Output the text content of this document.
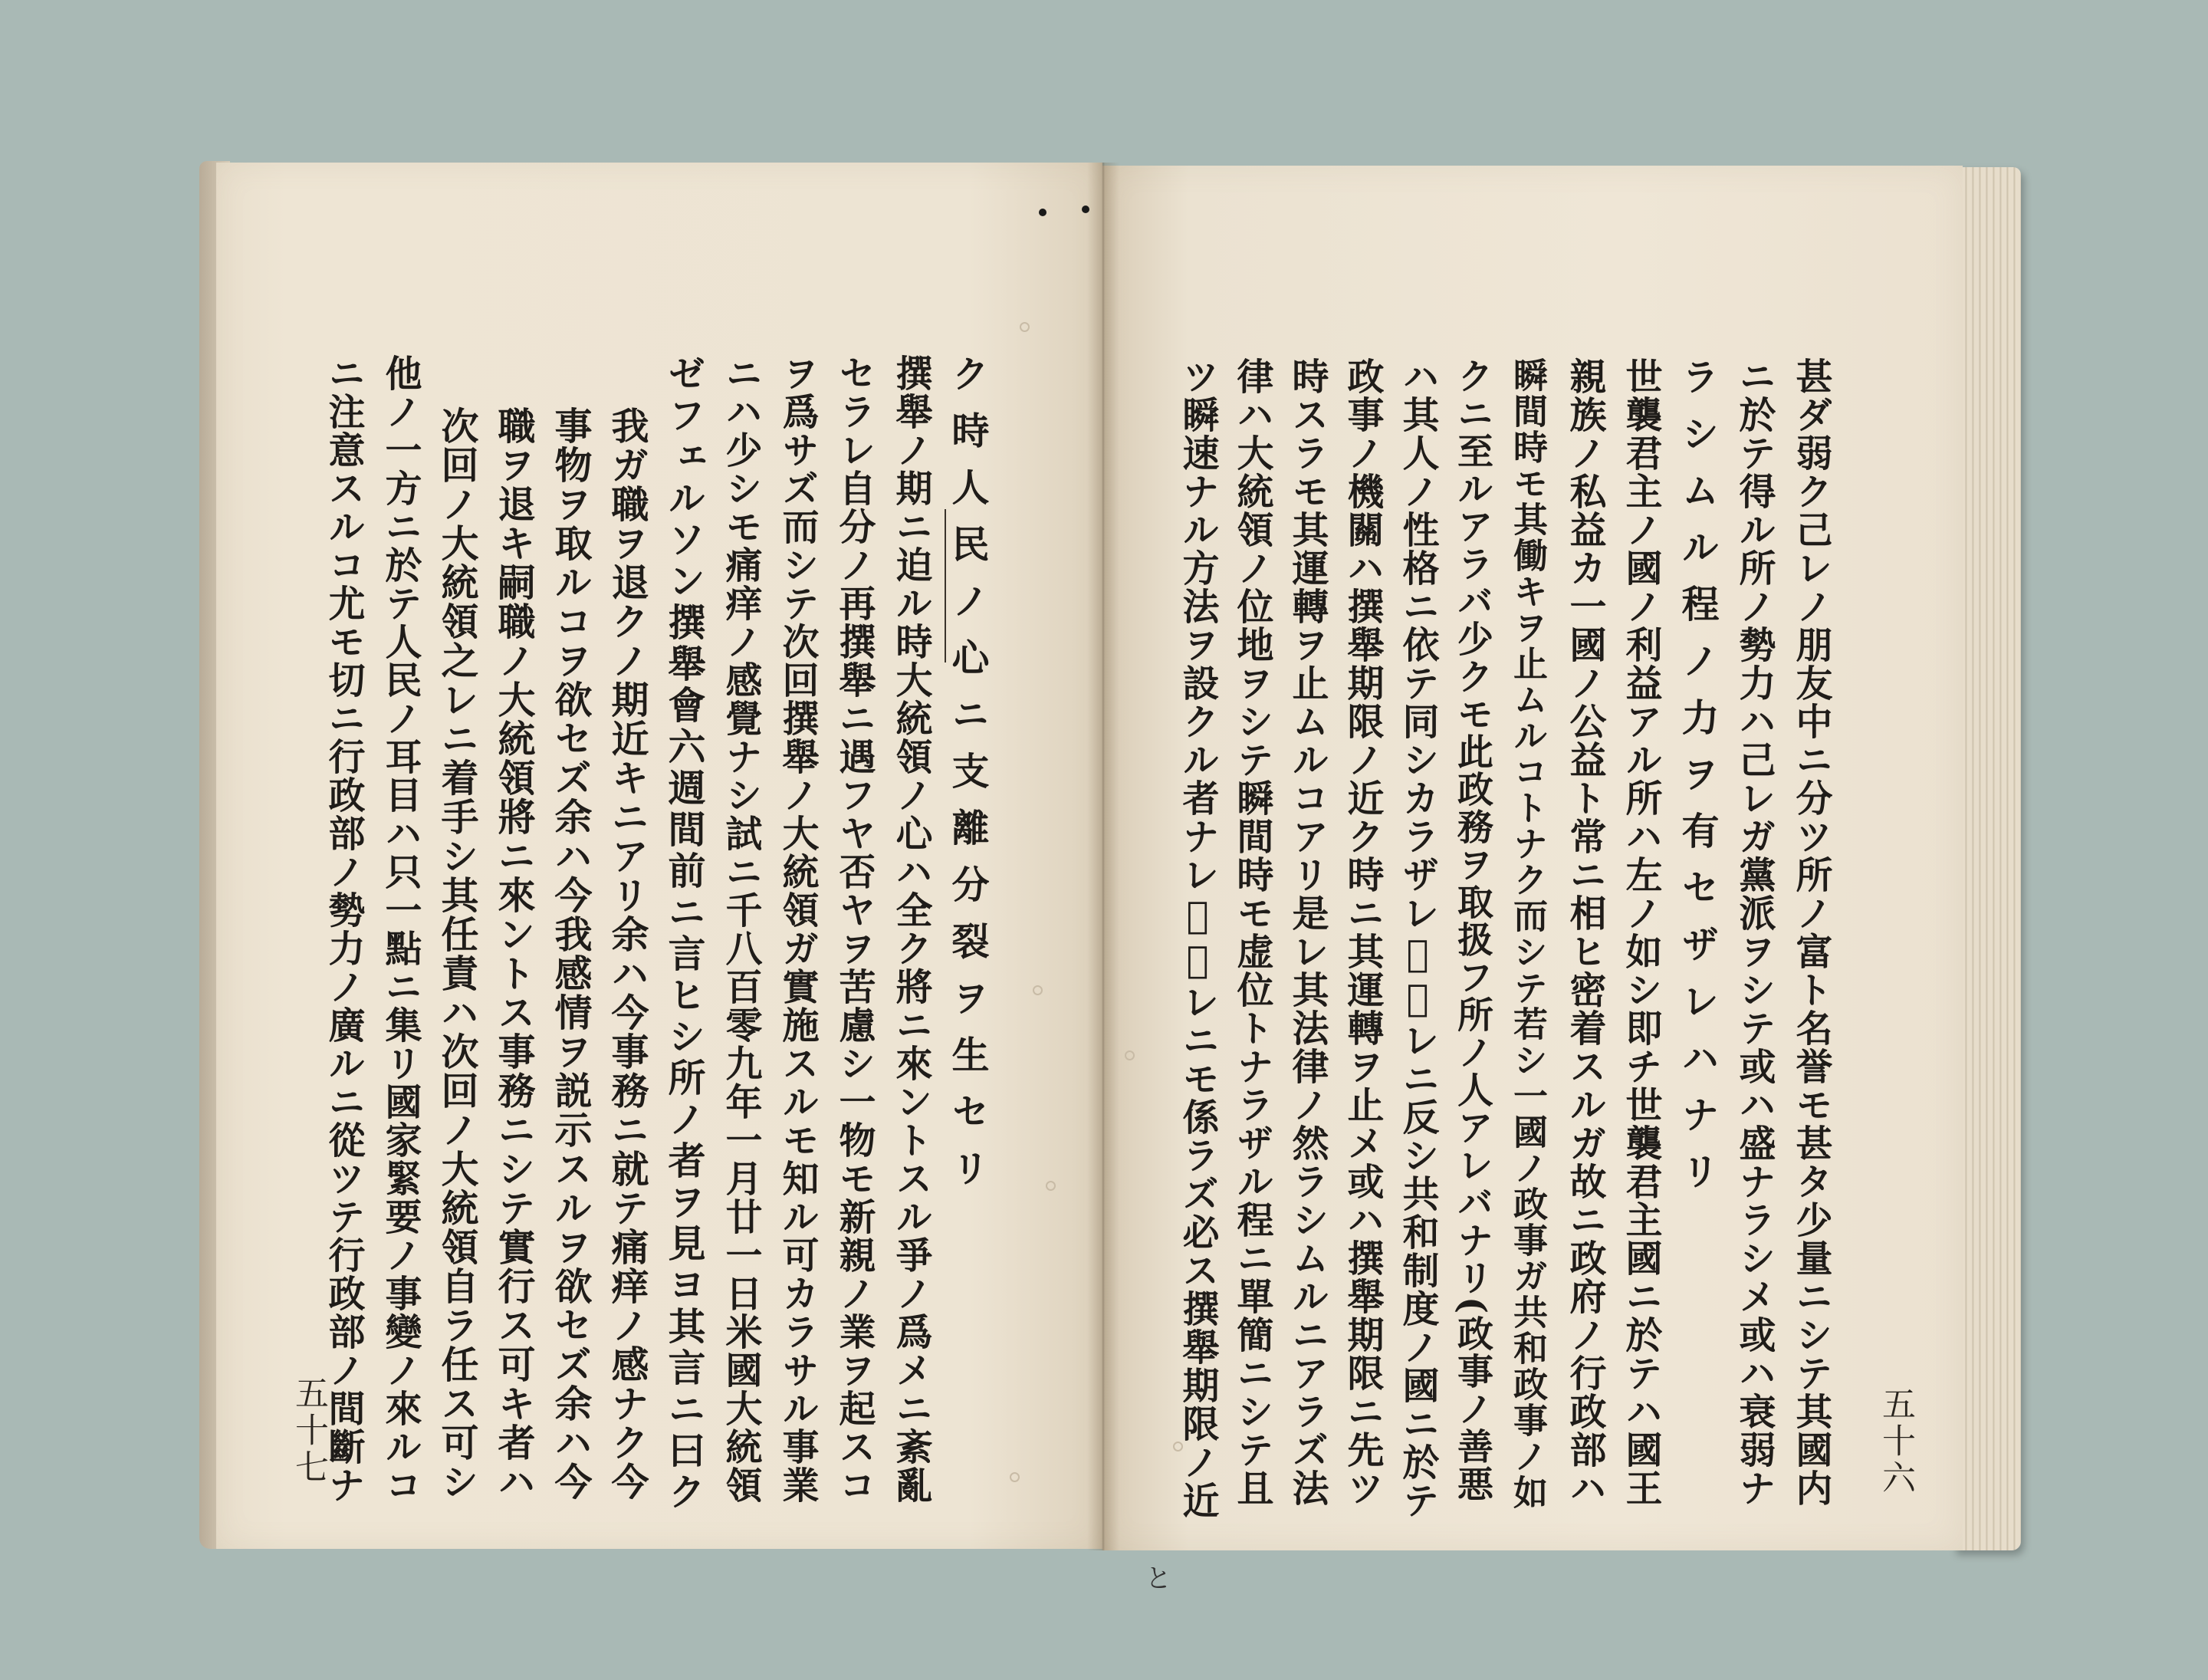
五十七
ク時人民ノ心ニ支離分裂ヲ生セリ
撰舉ノ期ニ迫ル時大統領ノ心ハ全ク將ニ來ントスル爭ノ爲メニ紊亂
セラレ自分ノ再撰舉ニ遇フヤ否ヤヲ苦慮シ一物モ新親ノ業ヲ起スコ
ヲ爲サズ而シテ次回撰舉ノ大統領ガ實施スルモ知ル可カラサル事業
ニハ少シモ痛痒ノ感覺ナシ試ニ千八百零九年一月廿一日米國大統領
ゼフェルソン撰舉會六週間前ニ言ヒシ所ノ者ヲ見ヨ其言ニ曰ク
我ガ職ヲ退クノ期近キニアリ余ハ今事務ニ就テ痛痒ノ感ナク今
事物ヲ取ルコヲ欲セズ余ハ今我感情ヲ説示スルヲ欲セズ余ハ今
職ヲ退キ嗣職ノ大統領將ニ來ントス事務ニシテ實行ス可キ者ハ
次回ノ大統領之レニ着手シ其任責ハ次回ノ大統領自ラ任ス可シ
他ノ一方ニ於テ人民ノ耳目ハ只一點ニ集リ國家緊要ノ事變ノ來ルコ
ニ注意スルコ尤モ切ニ行政部ノ勢力ノ廣ルニ從ツテ行政部ノ間斷ナ	五十六
と
甚ダ弱ク己レノ朋友中ニ分ツ所ノ富ト名誉モ甚タ少量ニシテ其國内
ニ於テ得ル所ノ勢力ハ己レガ黨派ヲシテ或ハ盛ナラシメ或ハ衰弱ナ
ラシムル程ノ力ヲ有セザレハナリ
世襲君主ノ國ノ利益アル所ハ左ノ如シ即チ世襲君主國ニ於テハ國王
親族ノ私益カ一國ノ公益ト常ニ相ヒ密着スルガ故ニ政府ノ行政部ハ
瞬間時モ其働キヲ止ムルコトナク而シテ若シ一國ノ政事ガ共和政事ノ如
クニ至ルアラバ少クモ此政務ヲ取扱フ所ノ人アレバナリ(政事ノ善悪
ハ其人ノ性格ニ依テ同シカラザレ𪜈之レニ反シ共和制度ノ國ニ於テ
政事ノ機關ハ撰舉期限ノ近ク時ニ其運轉ヲ止メ或ハ撰舉期限ニ先ツ
時スラモ其運轉ヲ止ムルコアリ是レ其法律ノ然ラシムルニアラズ法
律ハ大統領ノ位地ヲシテ瞬間時モ虚位トナラザル程ニ單簡ニシテ且
ツ瞬速ナル方法ヲ設クル者ナレ𪜈之レニモ係ラズ必ス撰舉期限ノ近
